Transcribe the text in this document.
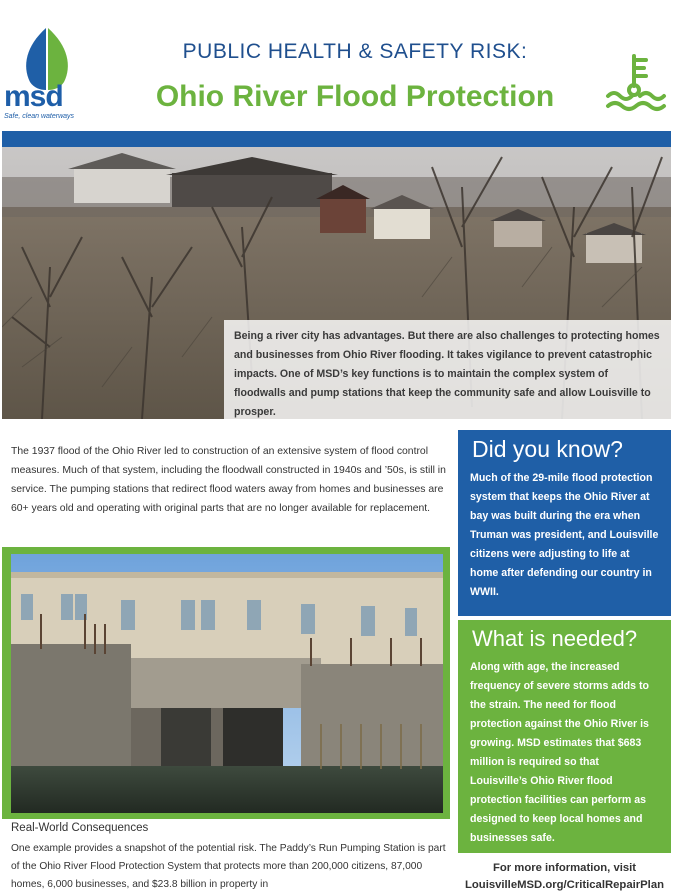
msd
Safe, clean waterways
PUBLIC HEALTH & SAFETY RISK:
Ohio River Flood Protection
Being a river city has advantages. But there are also challenges to protecting homes and businesses from Ohio River flooding. It takes vigilance to prevent catastrophic impacts. One of MSD’s key functions is to maintain the complex system of floodwalls and pump stations that keep the community safe and allow Louisville to prosper.
The 1937 flood of the Ohio River led to construction of an extensive system of flood control measures. Much of that system, including the floodwall constructed in 1940s and ’50s, is still in service. The pumping stations that redirect flood waters away from homes and businesses are 60+ years old and operating with original parts that are no longer available for replacement.
Real-World Consequences
One example provides a snapshot of the potential risk. The Paddy’s Run Pumping Station is part of the Ohio River Flood Protection System that protects more than 200,000 citizens, 87,000 homes, 6,000 businesses, and $23.8 billion in property in
Did you know?
Much of the 29-mile flood protection system that keeps the Ohio River at bay was built during the era when Truman was president, and Louisville citizens were adjusting to life at home after defending our country in WWII.
What is needed?
Along with age, the increased frequency of severe storms adds to the strain. The need for flood protection against the Ohio River is growing. MSD estimates that $683 million is required so that Louisville’s Ohio River flood protection facilities can perform as designed to keep local homes and businesses safe.
For more information, visit
LouisvilleMSD.org/CriticalRepairPlan
